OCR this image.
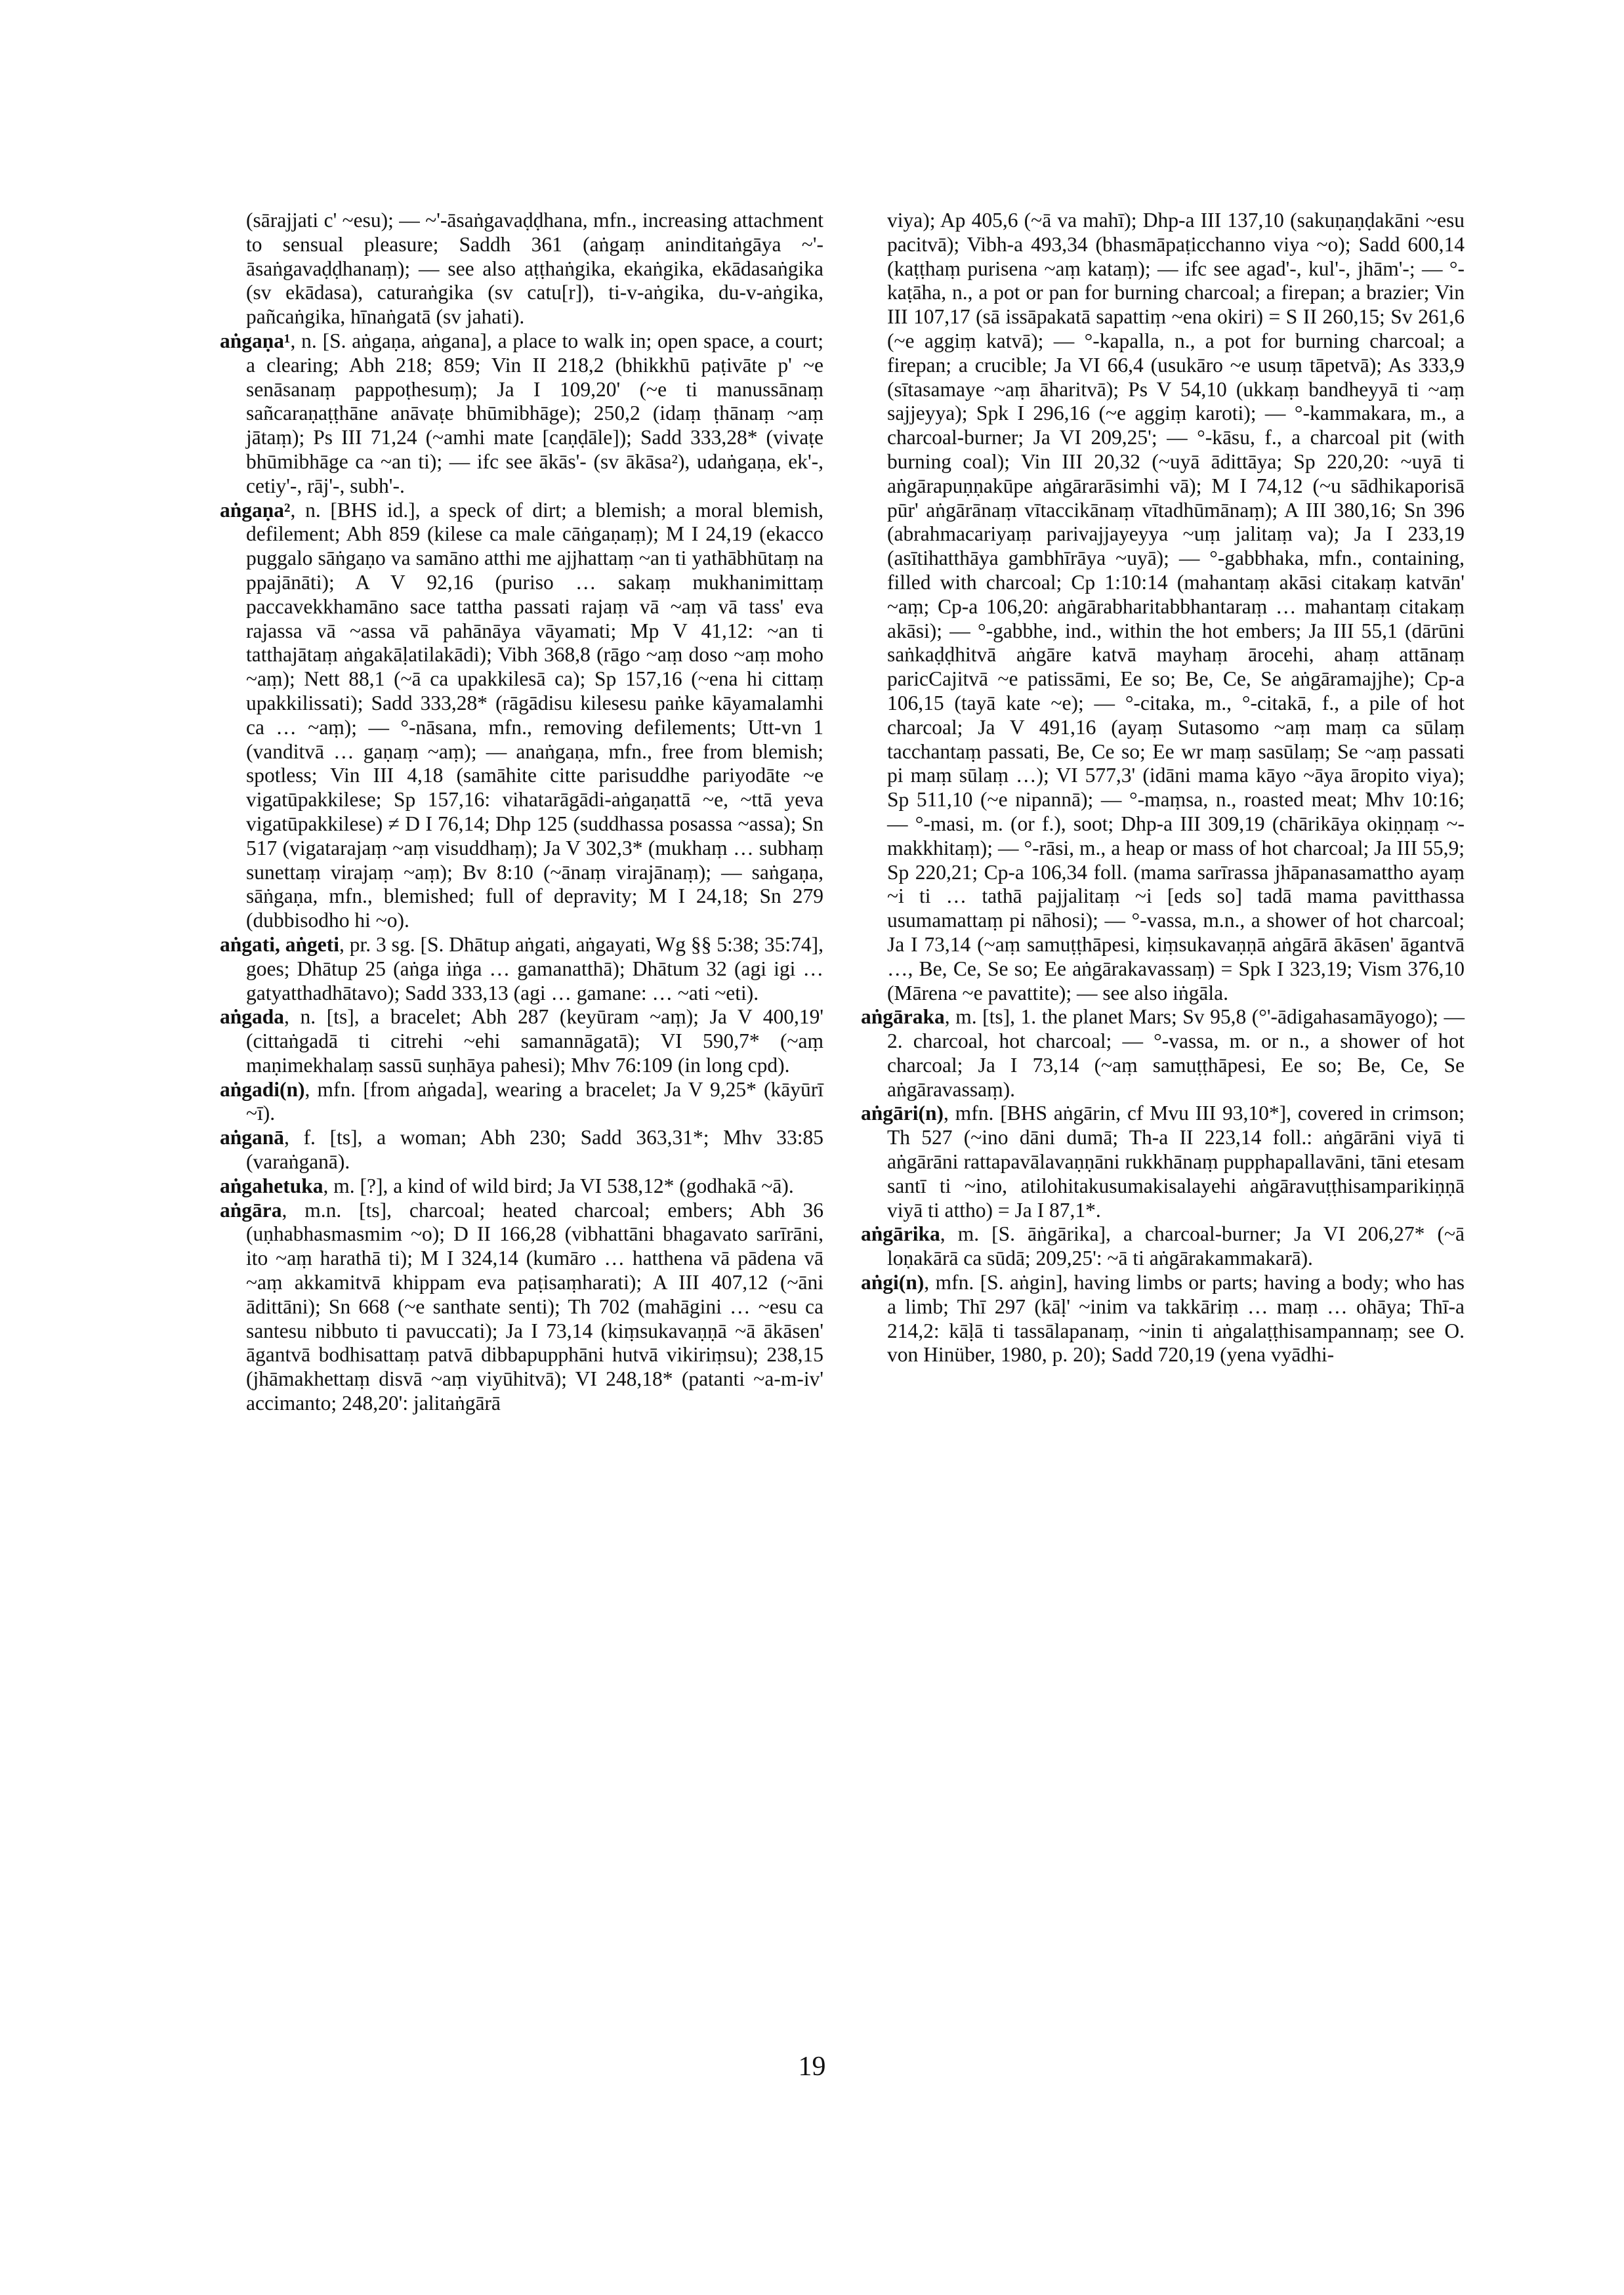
(sārajjati c' ~esu); — ~'-āsaṅgavaḍḍhana, mfn., increasing attachment to sensual pleasure; Saddh 361 (aṅgaṃ aninditaṅgāya ~'-āsaṅgavaḍḍhanaṃ); — see also aṭṭhaṅgika, ekaṅgika, ekādasaṅgika (sv ekādasa), caturaṅgika (sv catu[r]), ti-v-aṅgika, du-v-aṅgika, pañcaṅgika, hīnaṅgatā (sv jahati).

aṅgaṇa¹, n. [S. aṅgaṇa, aṅgana], a place to walk in; open space, a court; a clearing; Abh 218; 859; Vin II 218,2 (bhikkhū paṭivāte p' ~e senāsanaṃ pappoṭhesuṃ); Ja I 109,20' (~e ti manussānaṃ sañcaraṇaṭṭhāne anāvaṭe bhūmibhāge); 250,2 (idaṃ ṭhānaṃ ~aṃ jātaṃ); Ps III 71,24 (~amhi mate [caṇḍāle]); Sadd 333,28* (vivaṭe bhūmibhāge ca ~an ti); — ifc see ākās'- (sv ākāsa²), udaṅgaṇa, ek'-, cetiy'-, rāj'-, subh'-.

aṅgaṇa², n. [BHS id.], a speck of dirt; a blemish; a moral blemish, defilement; Abh 859 (kilese ca male cāṅgaṇaṃ); M I 24,19 (ekacco puggalo sāṅgaṇo va samāno atthi me ajjhattaṃ ~an ti yathābhūtaṃ na ppajānāti); A V 92,16 (puriso … sakaṃ mukhanimittaṃ paccavekkhamāno sace tattha passati rajaṃ vā ~aṃ vā tass' eva rajassa vā ~assa vā pahānāya vāyamati; Mp V 41,12: ~an ti tatthajātaṃ aṅgakāḷatilakādi); Vibh 368,8 (rāgo ~aṃ doso ~aṃ moho ~aṃ); Nett 88,1 (~ā ca upakkilesā ca); Sp 157,16 (~ena hi cittaṃ upakkilissati); Sadd 333,28* (rāgādisu kilesesu paṅke kāyamalamhi ca … ~aṃ); — °-nāsana, mfn., removing defilements; Utt-vn 1 (vanditvā … gaṇaṃ ~aṃ); — anaṅgaṇa, mfn., free from blemish; spotless; Vin III 4,18 (samāhite citte parisuddhe pariyodāte ~e vigatūpakkilese; Sp 157,16: vihatarāgādi-aṅgaṇattā ~e, ~ttā yeva vigatūpakkilese) ≠ D I 76,14; Dhp 125 (suddhassa posassa ~assa); Sn 517 (vigatarajaṃ ~aṃ visuddhaṃ); Ja V 302,3* (mukhaṃ … subhaṃ sunettaṃ virajaṃ ~aṃ); Bv 8:10 (~ānaṃ virajānaṃ); — saṅgaṇa, sāṅgaṇa, mfn., blemished; full of depravity; M I 24,18; Sn 279 (dubbisodho hi ~o).

aṅgati, aṅgeti, pr. 3 sg. [S. Dhātup aṅgati, aṅgayati, Wg §§ 5:38; 35:74], goes; Dhātup 25 (aṅga iṅga … gamanatthā); Dhātum 32 (agi igi … gatyatthadhātavo); Sadd 333,13 (agi … gamane: … ~ati ~eti).

aṅgada, n. [ts], a bracelet; Abh 287 (keyūram ~aṃ); Ja V 400,19' (cittaṅgadā ti citrehi ~ehi samannāgatā); VI 590,7* (~aṃ maṇimekhalaṃ sassū suṇhāya pahesi); Mhv 76:109 (in long cpd).

aṅgadi(n), mfn. [from aṅgada], wearing a bracelet; Ja V 9,25* (kāyūrī ~ī).

aṅganā, f. [ts], a woman; Abh 230; Sadd 363,31*; Mhv 33:85 (varaṅganā).

aṅgahetuka, m. [?], a kind of wild bird; Ja VI 538,12* (godhakā ~ā).

aṅgāra, m.n. [ts], charcoal; heated charcoal; embers; Abh 36 (uṇhabhasmasmim ~o); D II 166,28 (vibhattāni bhagavato sarīrāni, ito ~aṃ harathā ti); M I 324,14 (kumāro … hatthena vā pādena vā ~aṃ akkamitvā khippam eva paṭisaṃharati); A III 407,12 (~āni ādittāni); Sn 668 (~e santhate senti); Th 702 (mahāgini … ~esu ca santesu nibbuto ti pavuccati); Ja I 73,14 (kiṃsukavaṇṇā ~ā ākāsen' āgantvā bodhisattaṃ patvā dibbapupphāni hutvā vikiriṃsu); 238,15 (jhāmakhettaṃ disvā ~aṃ viyūhitvā); VI 248,18* (patanti ~a-m-iv' accimanto; 248,20': jalitaṅgārā

viya); Ap 405,6 (~ā va mahī); Dhp-a III 137,10 (sakuṇaṇḍakāni ~esu pacitvā); Vibh-a 493,34 (bhasmāpaṭicchanno viya ~o); Sadd 600,14 (kaṭṭhaṃ purisena ~aṃ kataṃ); — ifc see agad'-, kul'-, jhām'-; — °-kaṭāha, n., a pot or pan for burning charcoal; a firepan; a brazier; Vin III 107,17 (sā issāpakatā sapattiṃ ~ena okiri) = S II 260,15; Sv 261,6 (~e aggiṃ katvā); — °-kapalla, n., a pot for burning charcoal; a firepan; a crucible; Ja VI 66,4 (usukāro ~e usuṃ tāpetvā); As 333,9 (sītasamaye ~aṃ āharitvā); Ps V 54,10 (ukkaṃ bandheyyā ti ~aṃ sajjeyya); Spk I 296,16 (~e aggiṃ karoti); — °-kammakara, m., a charcoal-burner; Ja VI 209,25'; — °-kāsu, f., a charcoal pit (with burning coal); Vin III 20,32 (~uyā ādittāya; Sp 220,20: ~uyā ti aṅgārapuṇṇakūpe aṅgārarāsimhi vā); M I 74,12 (~u sādhikaporisā pūr' aṅgārānaṃ vītaccikānaṃ vītadhūmānaṃ); A III 380,16; Sn 396 (abrahmacariyaṃ parivajjayeyya ~uṃ jalitaṃ va); Ja I 233,19 (asītihatthāya gambhīrāya ~uyā); — °-gabbhaka, mfn., containing, filled with charcoal; Cp 1:10:14 (mahantaṃ akāsi citakaṃ katvān' ~aṃ; Cp-a 106,20: aṅgārabharitabbhantaraṃ … mahantaṃ citakaṃ akāsi); — °-gabbhe, ind., within the hot embers; Ja III 55,1 (dārūni saṅkaḍḍhitvā aṅgāre katvā mayhaṃ ārocehi, ahaṃ attānaṃ paricCajitvā ~e patissāmi, Ee so; Be, Ce, Se aṅgāramajjhe); Cp-a 106,15 (tayā kate ~e); — °-citaka, m., °-citakā, f., a pile of hot charcoal; Ja V 491,16 (ayaṃ Sutasomo ~aṃ maṃ ca sūlaṃ tacchantaṃ passati, Be, Ce so; Ee wr maṃ sasūlaṃ; Se ~aṃ passati pi maṃ sūlaṃ …); VI 577,3' (idāni mama kāyo ~āya āropito viya); Sp 511,10 (~e nipannā); — °-maṃsa, n., roasted meat; Mhv 10:16; — °-masi, m. (or f.), soot; Dhp-a III 309,19 (chārikāya okiṇṇaṃ ~-makkhitaṃ); — °-rāsi, m., a heap or mass of hot charcoal; Ja III 55,9; Sp 220,21; Cp-a 106,34 foll. (mama sarīrassa jhāpanasamattho ayaṃ ~i ti … tathā pajjalitaṃ ~i [eds so] tadā mama pavitthassa usumamattaṃ pi nāhosi); — °-vassa, m.n., a shower of hot charcoal; Ja I 73,14 (~aṃ samuṭṭhāpesi, kiṃsukavaṇṇā aṅgārā ākāsen' āgantvā …, Be, Ce, Se so; Ee aṅgārakavassaṃ) = Spk I 323,19; Vism 376,10 (Mārena ~e pavattite); — see also iṅgāla.

aṅgāraka, m. [ts], 1. the planet Mars; Sv 95,8 (°'-ādigahasamāyogo); — 2. charcoal, hot charcoal; — °-vassa, m. or n., a shower of hot charcoal; Ja I 73,14 (~aṃ samuṭṭhāpesi, Ee so; Be, Ce, Se aṅgāravassaṃ).

aṅgāri(n), mfn. [BHS aṅgārin, cf Mvu III 93,10*], covered in crimson; Th 527 (~ino dāni dumā; Th-a II 223,14 foll.: aṅgārāni viyā ti aṅgārāni rattapavālavaṇṇāni rukkhānaṃ pupphapallavāni, tāni etesam santī ti ~ino, atilohitakusumakisalayehi aṅgāravuṭṭhisamparikiṇṇā viyā ti attho) = Ja I 87,1*.

aṅgārika, m. [S. āṅgārika], a charcoal-burner; Ja VI 206,27* (~ā loṇakārā ca sūdā; 209,25': ~ā ti aṅgārakammakarā).

aṅgi(n), mfn. [S. aṅgin], having limbs or parts; having a body; who has a limb; Thī 297 (kāḷ' ~inim va takkāriṃ … maṃ … ohāya; Thī-a 214,2: kāḷā ti tassālapanaṃ, ~inin ti aṅgalaṭṭhisampannaṃ; see O. von Hinüber, 1980, p. 20); Sadd 720,19 (yena vyādhi-

19
